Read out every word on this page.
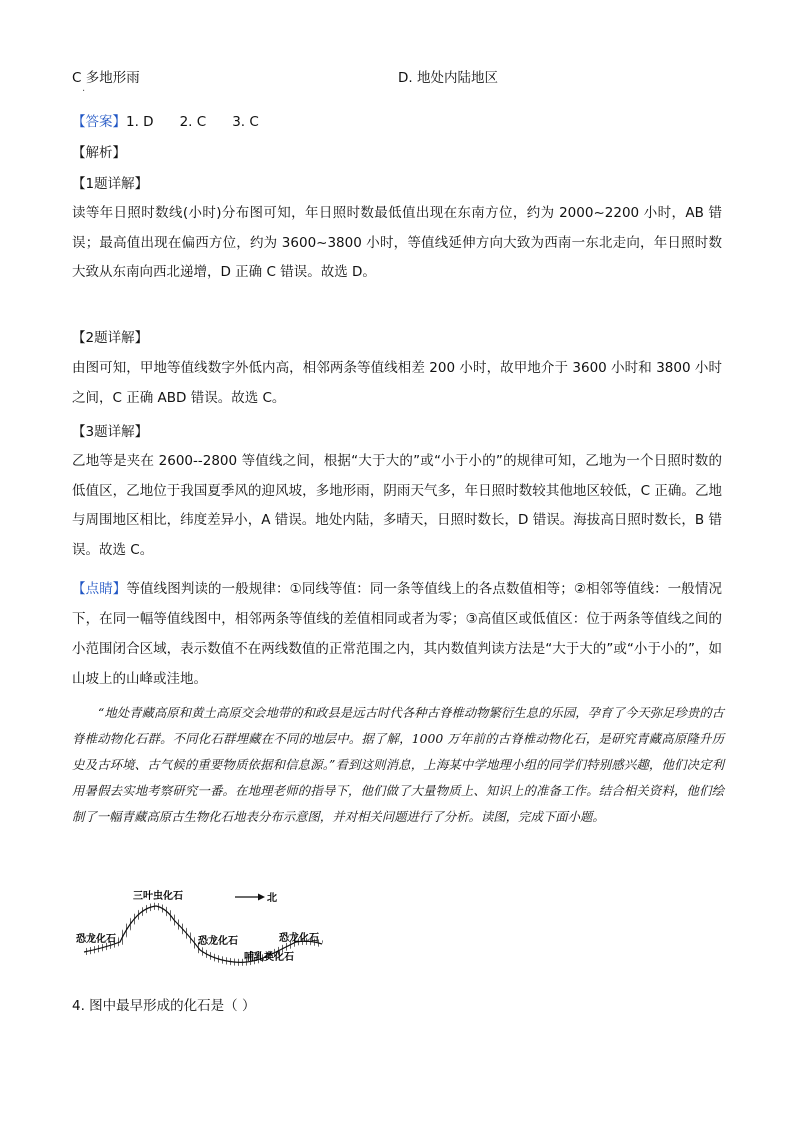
C 多地形雨	D. 地处内陆地区
·
【答案】1. D 2. C 3. C
【解析】
【1题详解】
读等年日照时数线(小时)分布图可知，年日照时数最低值出现在东南方位，约为 2000~2200 小时，AB 错误；最高值出现在偏西方位，约为 3600~3800 小时，等值线延伸方向大致为西南一东北走向，年日照时数大致从东南向西北递增，D 正确 C 错误。故选 D。
【2题详解】
由图可知，甲地等值线数字外低内高，相邻两条等值线相差 200 小时，故甲地介于 3600 小时和 3800 小时之间，C 正确 ABD 错误。故选 C。
【3题详解】
乙地等是夹在 2600--2800 等值线之间，根据“大于大的”或“小于小的”的规律可知，乙地为一个日照时数的低值区，乙地位于我国夏季风的迎风坡，多地形雨，阴雨天气多，年日照时数较其他地区较低，C 正确。乙地与周围地区相比，纬度差异小，A 错误。地处内陆，多晴天，日照时数长，D 错误。海拔高日照时数长，B 错误。故选 C。
【点睛】等值线图判读的一般规律：①同线等值：同一条等值线上的各点数值相等；②相邻等值线：一般情况下，在同一幅等值线图中，相邻两条等值线的差值相同或者为零；③高值区或低值区：位于两条等值线之间的小范围闭合区域，表示数值不在两线数值的正常范围之内，其内数值判读方法是“大于大的”或“小于小的”，如山坡上的山峰或洼地。
“地处青藏高原和黄土高原交会地带的和政县是远古时代各种古脊椎动物繁衍生息的乐园，孕育了今天弥足珍贵的古脊椎动物化石群。不同化石群埋藏在不同的地层中。据了解，1000 万年前的古脊椎动物化石，是研究青藏高原隆升历史及古环境、古气候的重要物质依据和信息源。”看到这则消息，上海某中学地理小组的同学们特别感兴趣，他们决定利用暑假去实地考察研究一番。在地理老师的指导下，他们做了大量物质上、知识上的准备工作。结合相关资料，他们绘制了一幅青藏高原古生物化石地表分布示意图，并对相关问题进行了分析。读图，完成下面小题。
三叶虫化石	北
恐龙化石	恐龙化石	恐龙化石
哺乳类化石
4. 图中最早形成的化石是（ ）
